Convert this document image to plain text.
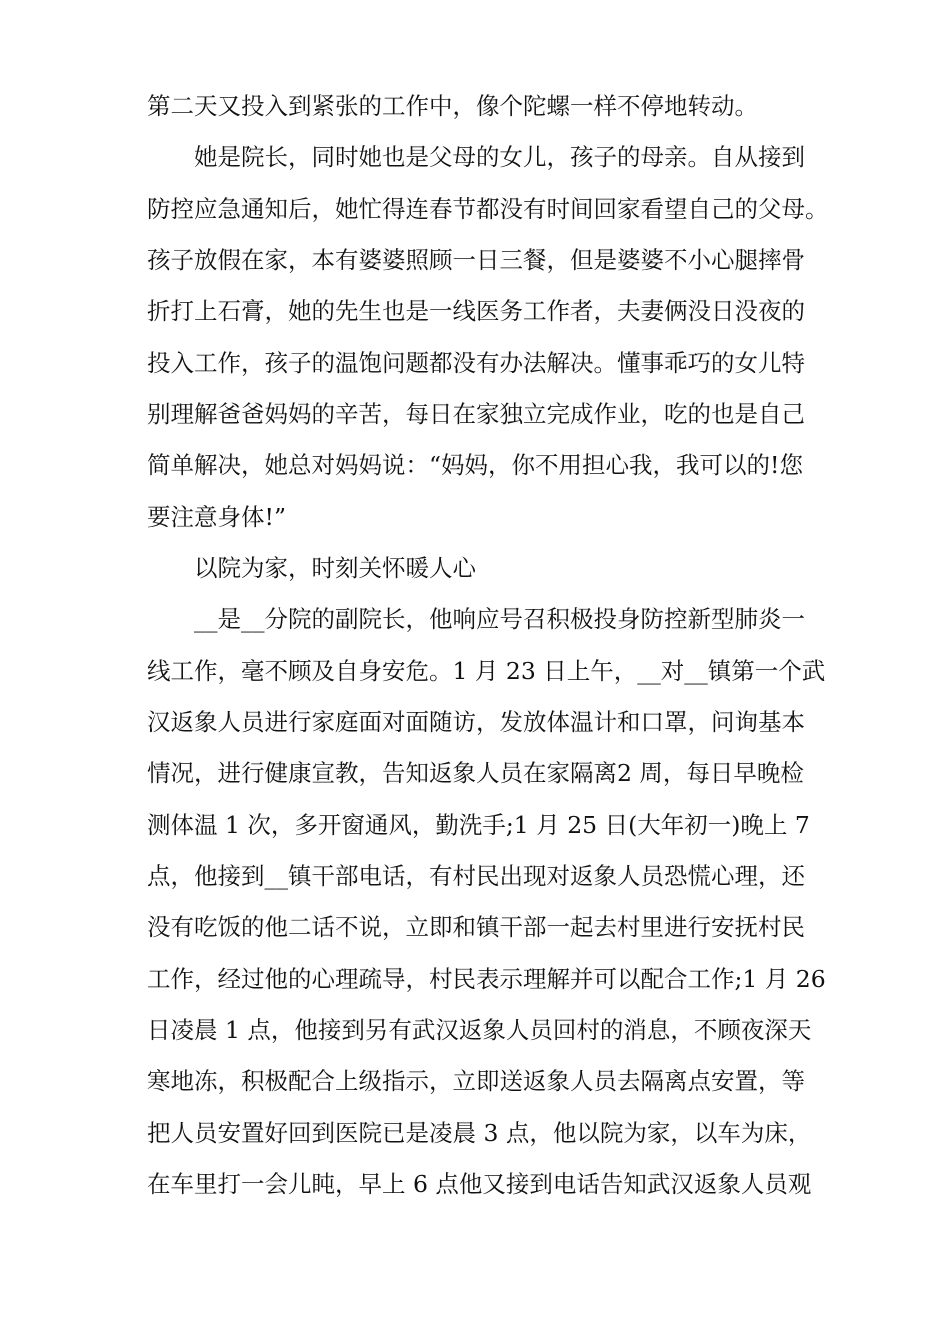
第二天又投入到紧张的工作中，像个陀螺一样不停地转动。
她是院长，同时她也是父母的女儿，孩子的母亲。自从接到
防控应急通知后，她忙得连春节都没有时间回家看望自己的父母。
孩子放假在家，本有婆婆照顾一日三餐，但是婆婆不小心腿摔骨
折打上石膏，她的先生也是一线医务工作者，夫妻俩没日没夜的
投入工作，孩子的温饱问题都没有办法解决。懂事乖巧的女儿特
别理解爸爸妈妈的辛苦，每日在家独立完成作业，吃的也是自己
简单解决，她总对妈妈说：“妈妈，你不用担心我，我可以的!您
要注意身体!”
以院为家，时刻关怀暖人心
__是__分院的副院长，他响应号召积极投身防控新型肺炎一
线工作，毫不顾及自身安危。1 月 23 日上午，__对__镇第一个武
汉返象人员进行家庭面对面随访，发放体温计和口罩，问询基本
情况，进行健康宣教，告知返象人员在家隔离2 周，每日早晚检
测体温 1 次，多开窗通风，勤洗手;1 月 25 日(大年初一)晚上 7
点，他接到__镇干部电话，有村民出现对返象人员恐慌心理，还
没有吃饭的他二话不说，立即和镇干部一起去村里进行安抚村民
工作，经过他的心理疏导，村民表示理解并可以配合工作;1 月 26
日凌晨 1 点，他接到另有武汉返象人员回村的消息，不顾夜深天
寒地冻，积极配合上级指示，立即送返象人员去隔离点安置，等
把人员安置好回到医院已是凌晨 3 点，他以院为家，以车为床，
在车里打一会儿盹，早上 6 点他又接到电话告知武汉返象人员观
